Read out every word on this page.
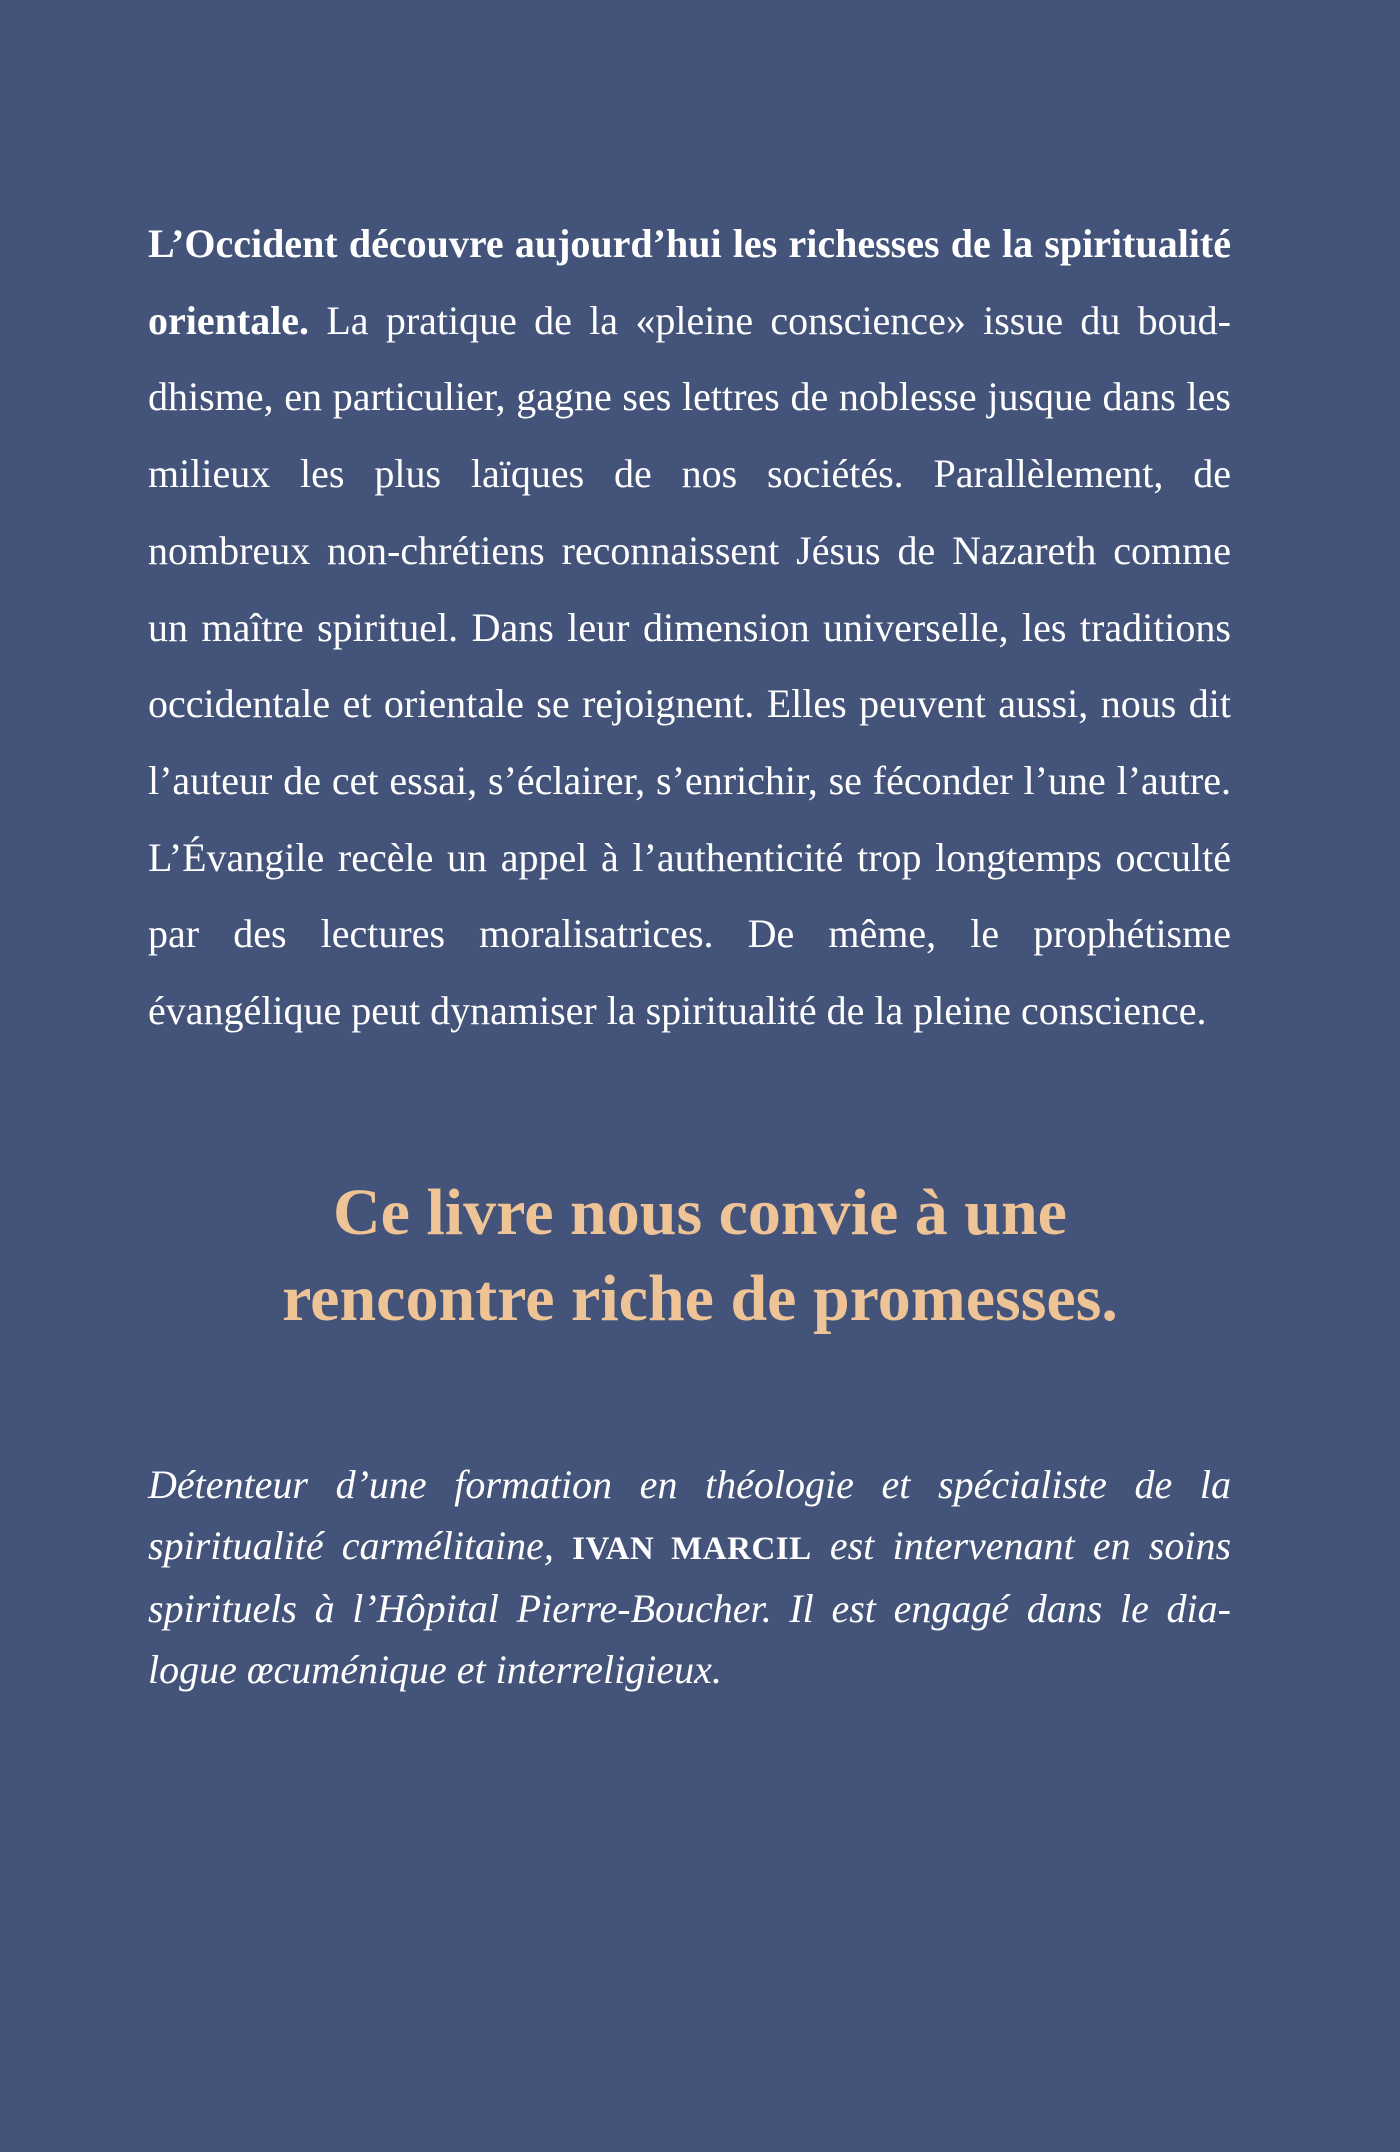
L’Occident découvre aujourd’hui les richesses de la spiritualité orientale. La pratique de la «pleine conscience» issue du bouddhisme, en particulier, gagne ses lettres de noblesse jusque dans les milieux les plus laïques de nos sociétés. Parallèlement, de nombreux non-chrétiens reconnaissent Jésus de Nazareth comme un maître spirituel. Dans leur dimension universelle, les traditions occidentale et orientale se rejoignent. Elles peuvent aussi, nous dit l’auteur de cet essai, s’éclairer, s’enrichir, se féconder l’une l’autre. L’Évangile recèle un appel à l’authenticité trop longtemps occulté par des lectures moralisatrices. De même, le prophétisme évangélique peut dynamiser la spiritualité de la pleine conscience.

Ce livre nous convie à une
rencontre riche de promesses.

Détenteur d’une formation en théologie et spécialiste de la spiritualité carmélitaine, IVAN MARCIL est intervenant en soins spirituels à l’Hôpital Pierre-Boucher. Il est engagé dans le dialogue œcuménique et interreligieux.
